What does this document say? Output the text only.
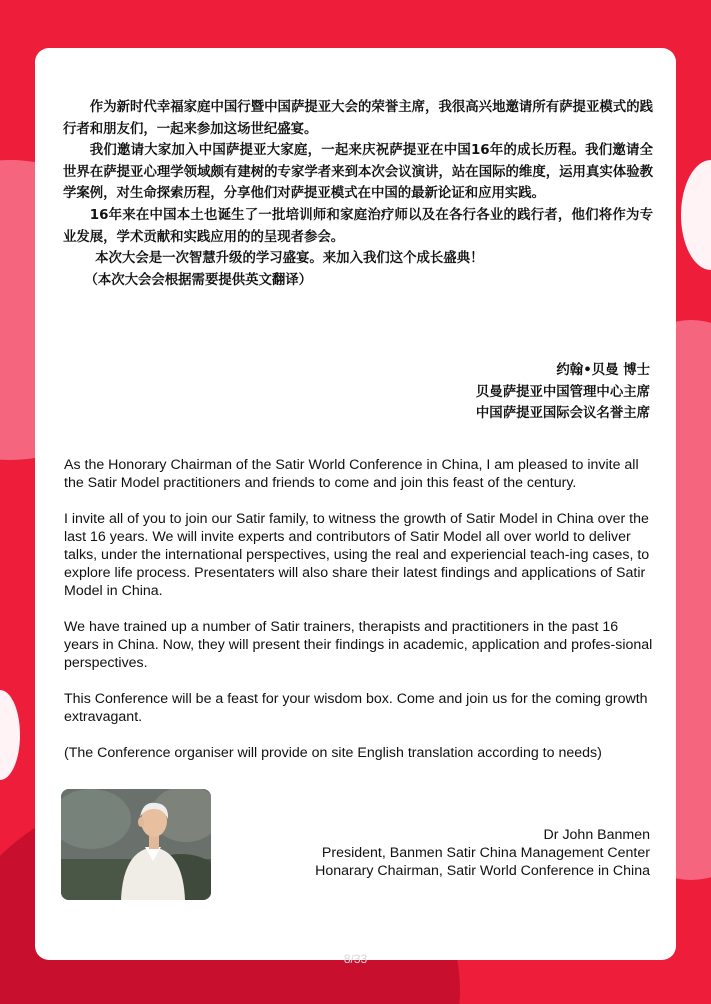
作为新时代幸福家庭中国行暨中国萨提亚大会的荣誉主席，我很高兴地邀请所有萨提亚模式的践行者和朋友们，一起来参加这场世纪盛宴。

我们邀请大家加入中国萨提亚大家庭，一起来庆祝萨提亚在中国16年的成长历程。我们邀请全世界在萨提亚心理学领域颇有建树的专家学者来到本次会议演讲，站在国际的维度，运用真实体验教学案例，对生命探索历程，分享他们对萨提亚模式在中国的最新论证和应用实践。

16年来在中国本土也诞生了一批培训师和家庭治疗师以及在各行各业的践行者，他们将作为专业发展，学术贡献和实践应用的的呈现者参会。

本次大会是一次智慧升级的学习盛宴。来加入我们这个成长盛典！

（本次大会会根据需要提供英文翻译）

约翰•贝曼 博士
贝曼萨提亚中国管理中心主席
中国萨提亚国际会议名誉主席

As the Honorary Chairman of the Satir World Conference in China, I am pleased to invite all the Satir Model practitioners and friends to come and join this feast of the century.

I invite all of you to join our Satir family, to witness the growth of Satir Model in China over the last 16 years. We will invite experts and contributors of Satir Model all over world to deliver talks, under the international perspectives, using the real and experiencial teach-ing cases, to explore life process. Presentaters will also share their latest findings and applications of Satir Model in China.

We have trained up a number of Satir trainers, therapists and practitioners in the past 16 years in China. Now, they will present their findings in academic, application and profes-sional perspectives.

This Conference will be a feast for your wisdom box. Come and join us for the coming growth extravagant.

(The Conference organiser will provide on site English translation according to needs)

Dr John Banmen
President, Banmen Satir China Management Center
Honarary Chairman, Satir World Conference in China
8/33
